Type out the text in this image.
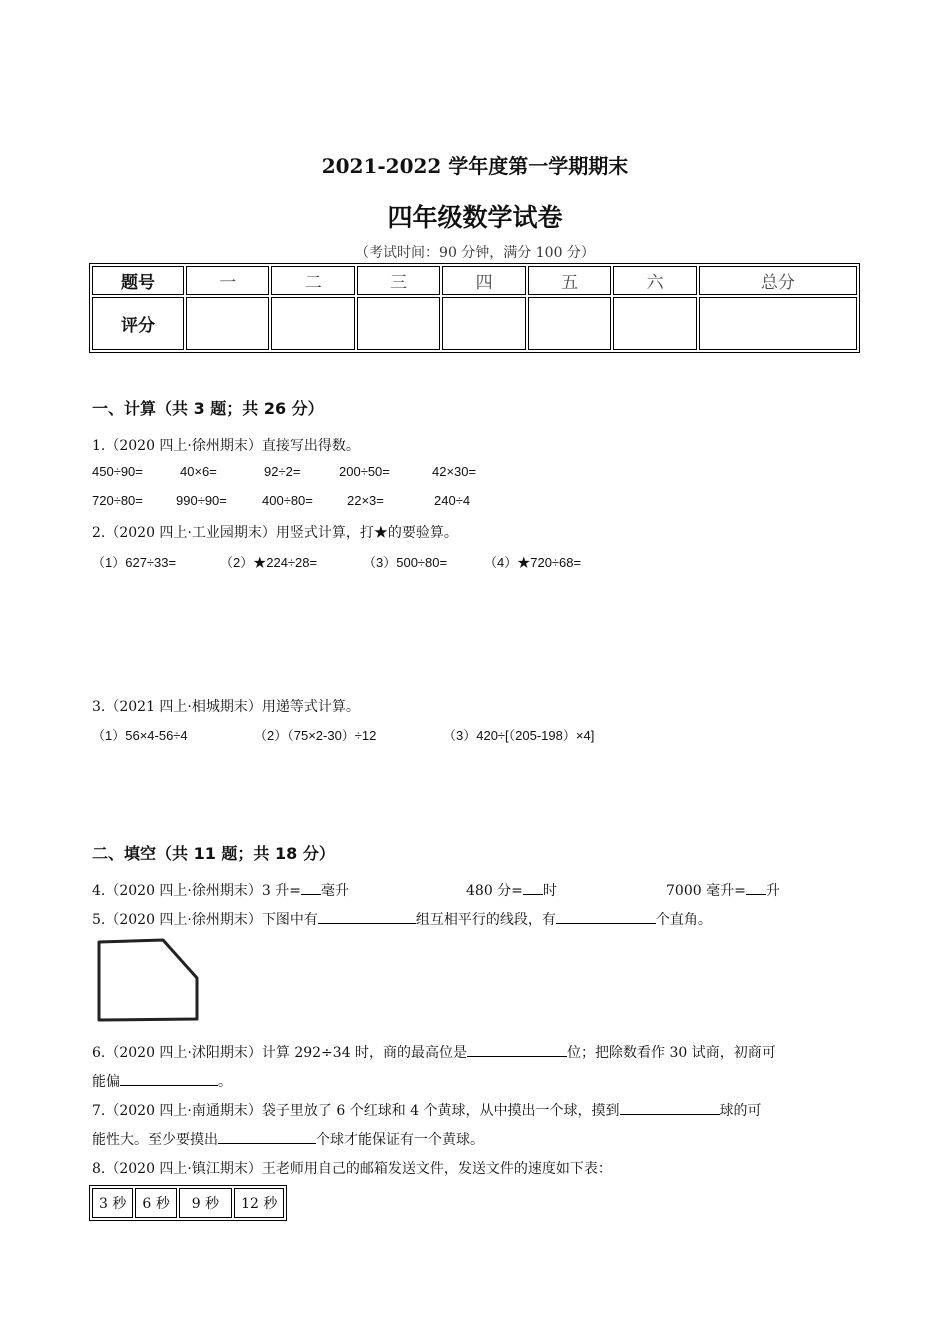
2021-2022 学年度第一学期期末
四年级数学试卷
（考试时间：90 分钟，满分 100 分）
题号	一	二	三	四	五	六	总分
评分							
一、计算（共 3 题；共 26 分）
1.（2020 四上·徐州期末）直接写出得数。
450÷90=	40×6=	92÷2=	200÷50=	42×30=
720÷80=	990÷90=	400÷80=	22×3=	240÷4
2.（2020 四上·工业园期末）用竖式计算，打★的要验算。
（1）627÷33=	（2）★224÷28=	（3）500÷80=	（4）★720÷68=
3.（2021 四上·相城期末）用递等式计算。
（1）56×4-56÷4	（2）（75×2-30）÷12	（3）420÷[（205-198）×4]
二、填空（共 11 题；共 18 分）
4.（2020 四上·徐州期末）3 升= 毫升	480 分= 时	7000 毫升= 升
5.（2020 四上·徐州期末）下图中有	组互相平行的线段，有	个直角。
6.（2020 四上·沭阳期末）计算 292÷34 时，商的最高位是	位；把除数看作 30 试商，初商可
能偏	。
7.（2020 四上·南通期末）袋子里放了 6 个红球和 4 个黄球，从中摸出一个球，摸到	球的可
能性大。至少要摸出	个球才能保证有一个黄球。
8.（2020 四上·镇江期末）王老师用自己的邮箱发送文件，发送文件的速度如下表：
3 秒	6 秒	9 秒	12 秒
